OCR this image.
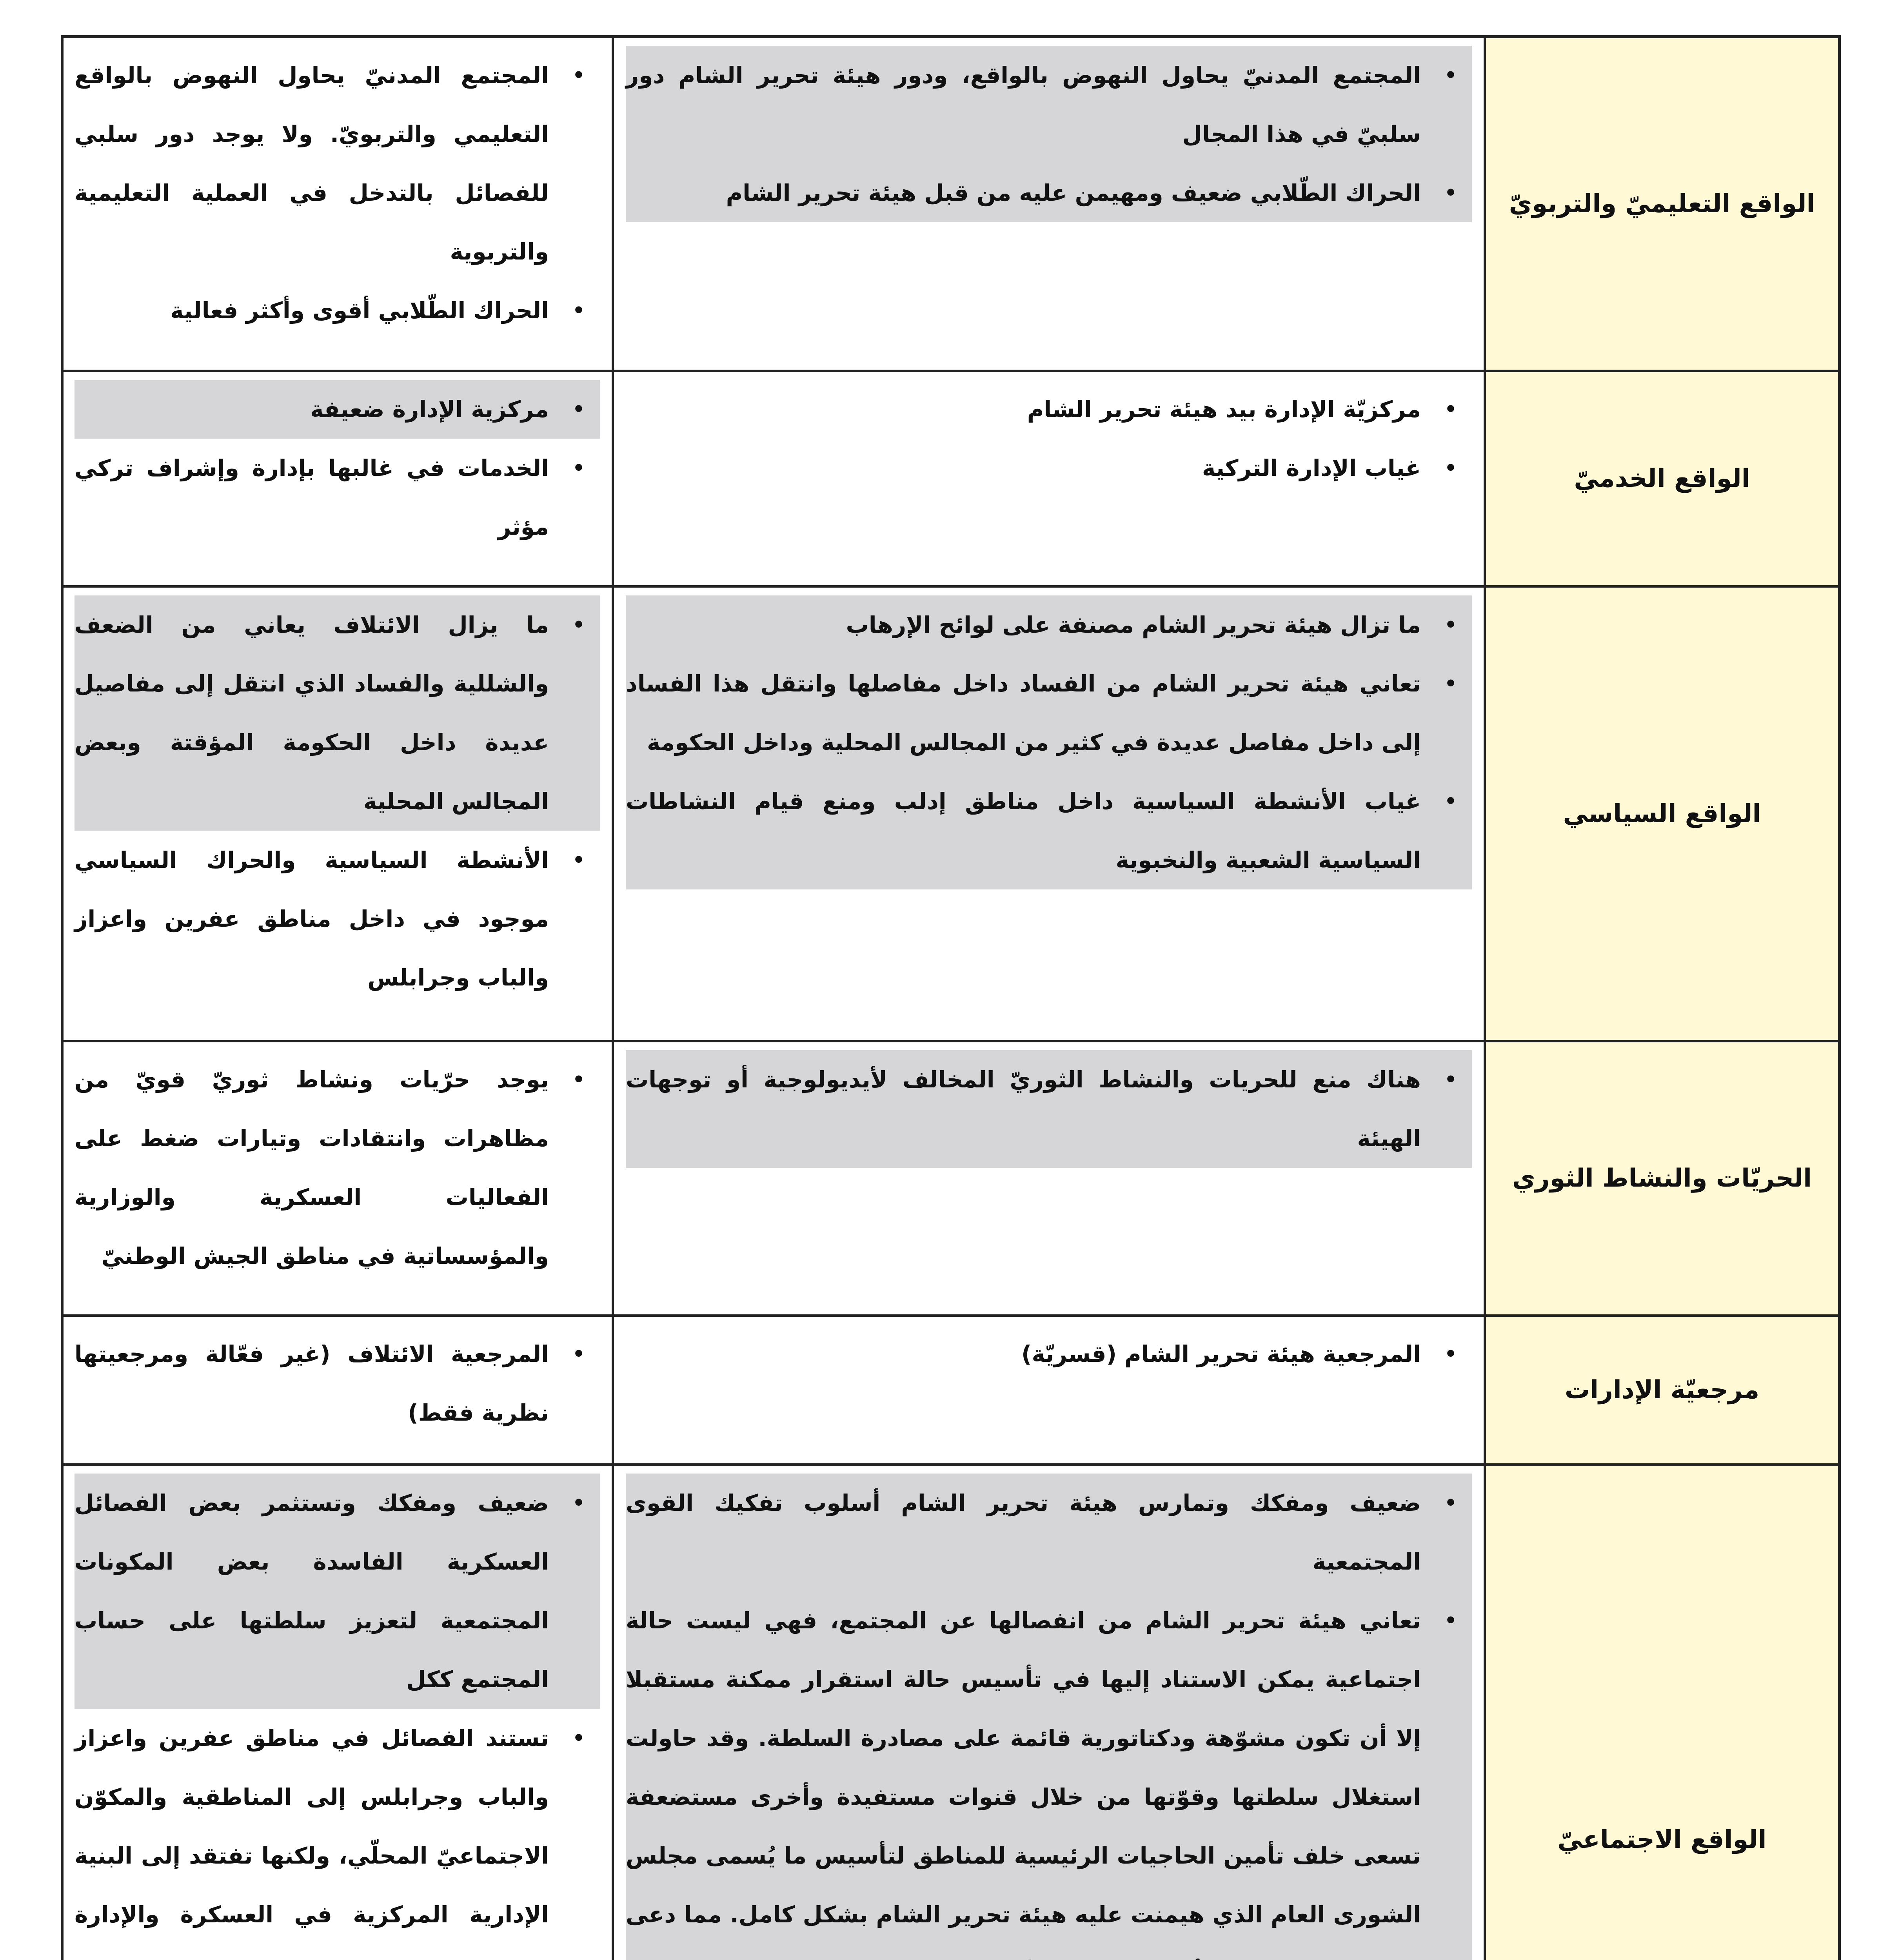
الواقع التعليميّ والتربويّ
• المجتمع المدنيّ يحاول النهوض بالواقع، ودور هيئة تحرير الشام دور سلبيّ في هذا المجال
• الحراك الطّلابي ضعيف ومهيمن عليه من قبل هيئة تحرير الشام
• المجتمع المدنيّ يحاول النهوض بالواقع التعليمي والتربويّ. ولا يوجد دور سلبي للفصائل بالتدخل في العملية التعليمية والتربوية
• الحراك الطّلابي أقوى وأكثر فعالية
الواقع الخدميّ
• مركزيّة الإدارة بيد هيئة تحرير الشام
• غياب الإدارة التركية
• مركزية الإدارة ضعيفة
• الخدمات في غالبها بإدارة وإشراف تركي مؤثر
الواقع السياسي
• ما تزال هيئة تحرير الشام مصنفة على لوائح الإرهاب
• تعاني هيئة تحرير الشام من الفساد داخل مفاصلها وانتقل هذا الفساد إلى داخل مفاصل عديدة في كثير من المجالس المحلية وداخل الحكومة
• غياب الأنشطة السياسية داخل مناطق إدلب ومنع قيام النشاطات السياسية الشعبية والنخبوية
• ما يزال الائتلاف يعاني من الضعف والشللية والفساد الذي انتقل إلى مفاصيل عديدة داخل الحكومة المؤقتة وبعض المجالس المحلية
• الأنشطة السياسية والحراك السياسي موجود في داخل مناطق عفرين واعزاز والباب وجرابلس
الحريّات والنشاط الثوري
• هناك منع للحريات والنشاط الثوريّ المخالف لأيديولوجية أو توجهات الهيئة
• يوجد حرّيات ونشاط ثوريّ قويّ من مظاهرات وانتقادات وتيارات ضغط على الفعاليات العسكرية والوزارية والمؤسساتية في مناطق الجيش الوطنيّ
مرجعيّة الإدارات
• المرجعية هيئة تحرير الشام (قسريّة)
• المرجعية الائتلاف (غير فعّالة ومرجعيتها نظرية فقط)
الواقع الاجتماعيّ
• ضعيف ومفكك وتمارس هيئة تحرير الشام أسلوب تفكيك القوى المجتمعية
• تعاني هيئة تحرير الشام من انفصالها عن المجتمع، فهي ليست حالة اجتماعية يمكن الاستناد إليها في تأسيس حالة استقرار ممكنة مستقبلا إلا أن تكون مشوّهة ودكتاتورية قائمة على مصادرة السلطة. وقد حاولت استغلال سلطتها وقوّتها من خلال قنوات مستفيدة وأخرى مستضعفة تسعى خلف تأمين الحاجيات الرئيسية للمناطق لتأسيس ما يُسمى مجلس الشورى العام الذي هيمنت عليه هيئة تحرير الشام بشكل كامل. مما دعى
• ضعيف ومفكك وتستثمر بعض الفصائل العسكرية الفاسدة بعض المكونات المجتمعية لتعزيز سلطتها على حساب المجتمع ككل
• تستند الفصائل في مناطق عفرين واعزاز والباب وجرابلس إلى المناطقية والمكوّن الاجتماعيّ المحلّي، ولكنها تفتقد إلى البنية الإدارية المركزية في العسكرة والإدارة
